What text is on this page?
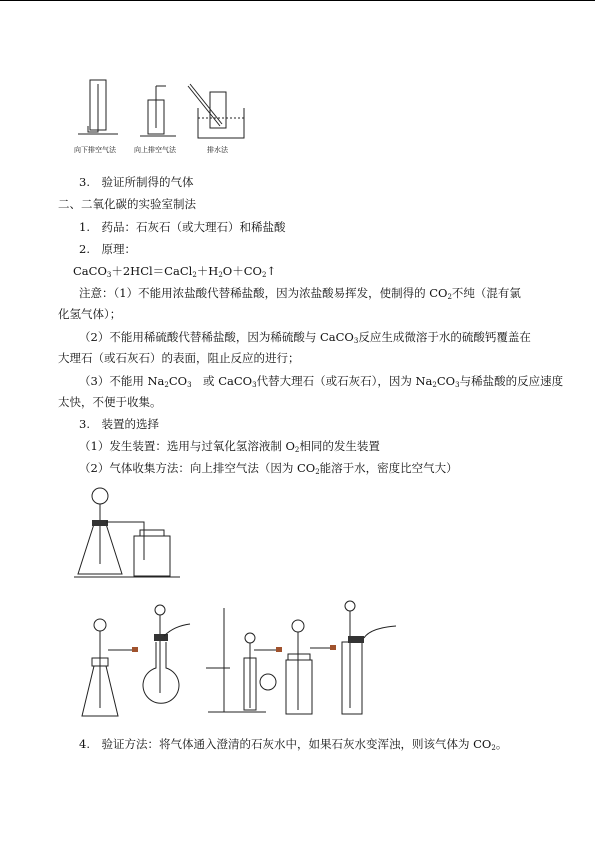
向下排空气法	向上排空气法	排水法
3.　验证所制得的气体
二、二氧化碳的实验室制法
1.　药品：石灰石（或大理石）和稀盐酸
2.　原理：
$CaCO_3+2HCl=CaCl_2+H_2O+CO_2↑$
注意：（1）不能用浓盐酸代替稀盐酸，因为浓盐酸易挥发，使制得的 $CO_2$不纯（混有氯
化氢气体）；
（2）不能用稀硫酸代替稀盐酸，因为稀硫酸与 CaCO$_3$反应生成微溶于水的硫酸钙覆盖在
大理石（或石灰石）的表面，阻止反应的进行；
（3）不能用 $Na_2CO_3$　或 CaCO$_3$代替大理石（或石灰石），因为 $Na_2CO_3$与稀盐酸的反应速度
太快，不便于收集。
3.　装置的选择
（1）发生装置：选用与过氧化氢溶液制 $O_2$相同的发生装置
（2）气体收集方法：向上排空气法（因为 $CO_2$能溶于水，密度比空气大）
4.　验证方法：将气体通入澄清的石灰水中，如果石灰水变浑浊，则该气体为 $CO_2$。
